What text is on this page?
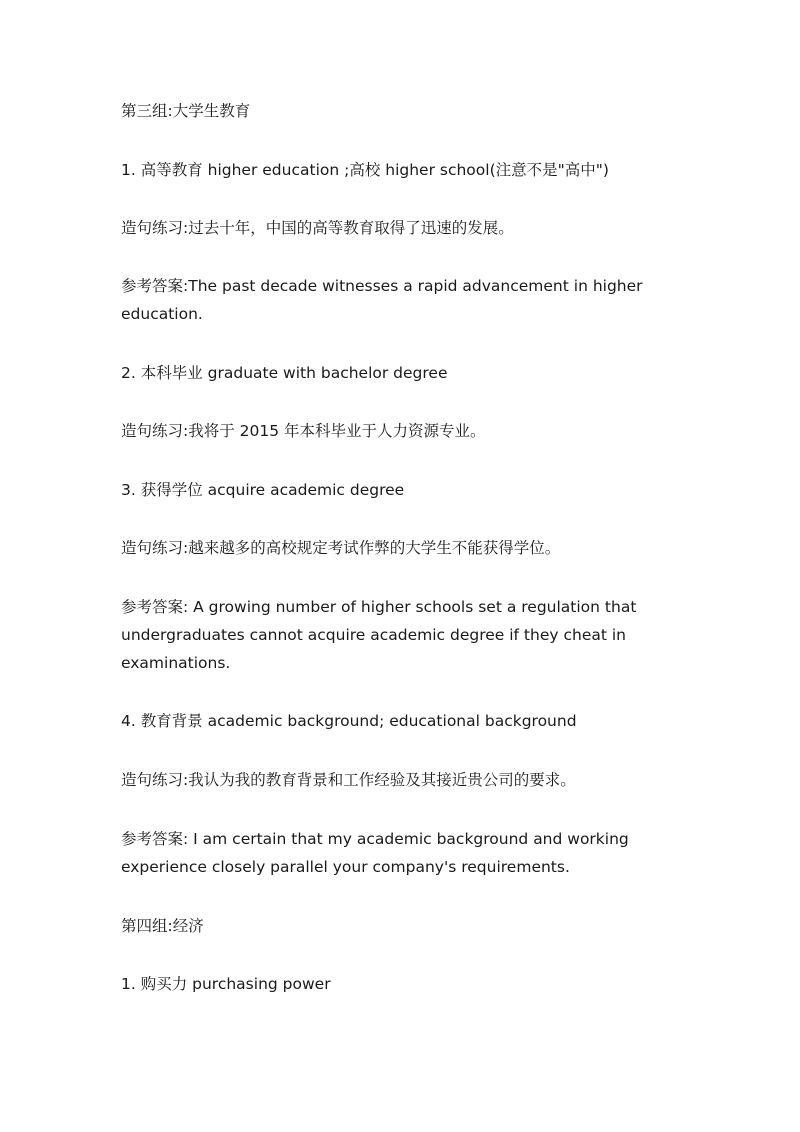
第三组:大学生教育

1. 高等教育 higher education ;高校 higher school(注意不是"高中")

造句练习:过去十年，中国的高等教育取得了迅速的发展。

参考答案:The past decade witnesses a rapid advancement in higher

education.

2. 本科毕业 graduate with bachelor degree

造句练习:我将于 2015 年本科毕业于人力资源专业。

3. 获得学位 acquire academic degree

造句练习:越来越多的高校规定考试作弊的大学生不能获得学位。

参考答案: A growing number of higher schools set a regulation that

undergraduates cannot acquire academic degree if they cheat in

examinations.

4. 教育背景 academic background; educational background

造句练习:我认为我的教育背景和工作经验及其接近贵公司的要求。

参考答案: I am certain that my academic background and working

experience closely parallel your company's requirements.

第四组:经济

1. 购买力 purchasing power
